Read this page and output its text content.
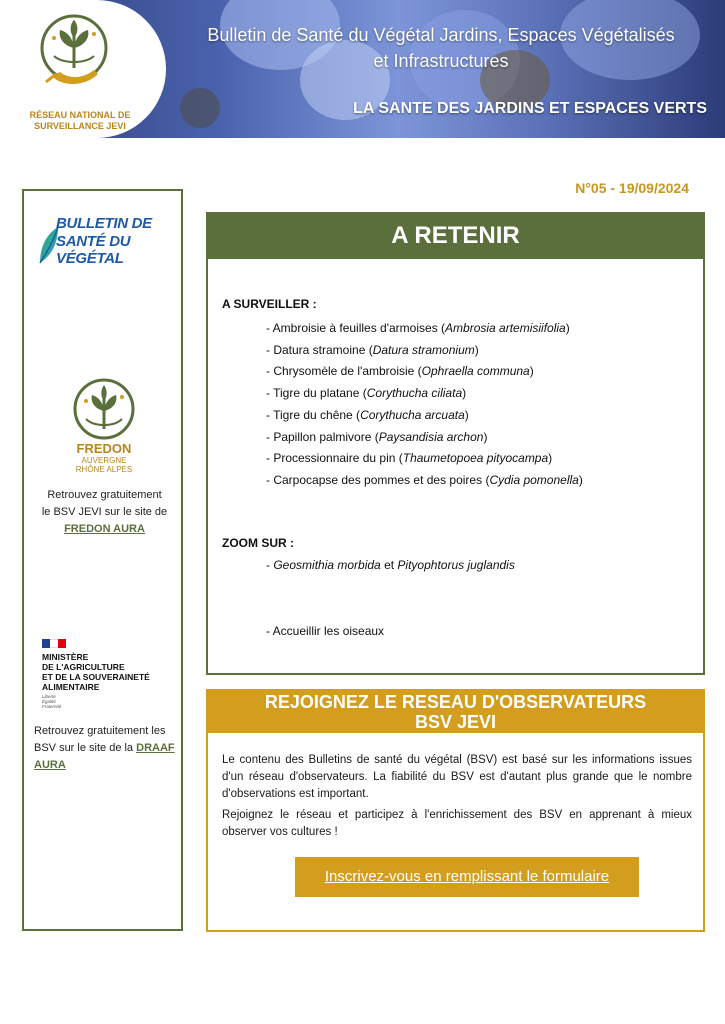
RÉSEAU NATIONAL DE
SURVEILLANCE JEVI
Bulletin de Santé du Végétal Jardins, Espaces Végétalisés
et Infrastructures
LA SANTE DES JARDINS ET ESPACES VERTS
BULLETIN DE
SANTÉ DU VÉGÉTAL
FREDON
AUVERGNE
RHÔNE ALPES
Retrouvez gratuitement
le BSV JEVI sur le site de
FREDON AURA
MINISTÈRE
DE L'AGRICULTURE
ET DE LA SOUVERAINETÉ
ALIMENTAIRE
Liberté
Égalité
Fraternité
Retrouvez gratuitement les BSV sur le site de la DRAAF AURA
N°05 - 19/09/2024
A RETENIR
A SURVEILLER :
- Ambroisie à feuilles d'armoises (Ambrosia artemisiifolia)
- Datura stramoine (Datura stramonium)
- Chrysomèle de l'ambroisie (Ophraella communa)
- Tigre du platane (Corythucha ciliata)
- Tigre du chêne (Corythucha arcuata)
- Papillon palmivore (Paysandisia archon)
- Processionnaire du pin (Thaumetopoea pityocampa)
- Carpocapse des pommes et des poires (Cydia pomonella)
ZOOM SUR :
- Geosmithia morbida et Pityophtorus juglandis
- Accueillir les oiseaux
REJOIGNEZ LE RESEAU D'OBSERVATEURS
BSV JEVI
Le contenu des Bulletins de santé du végétal (BSV) est basé sur les informations issues d'un réseau d'observateurs. La fiabilité du BSV est d'autant plus grande que le nombre d'observations est important.
Rejoignez le réseau et participez à l'enrichissement des BSV en apprenant à mieux observer vos cultures !
Inscrivez-vous en remplissant le formulaire
